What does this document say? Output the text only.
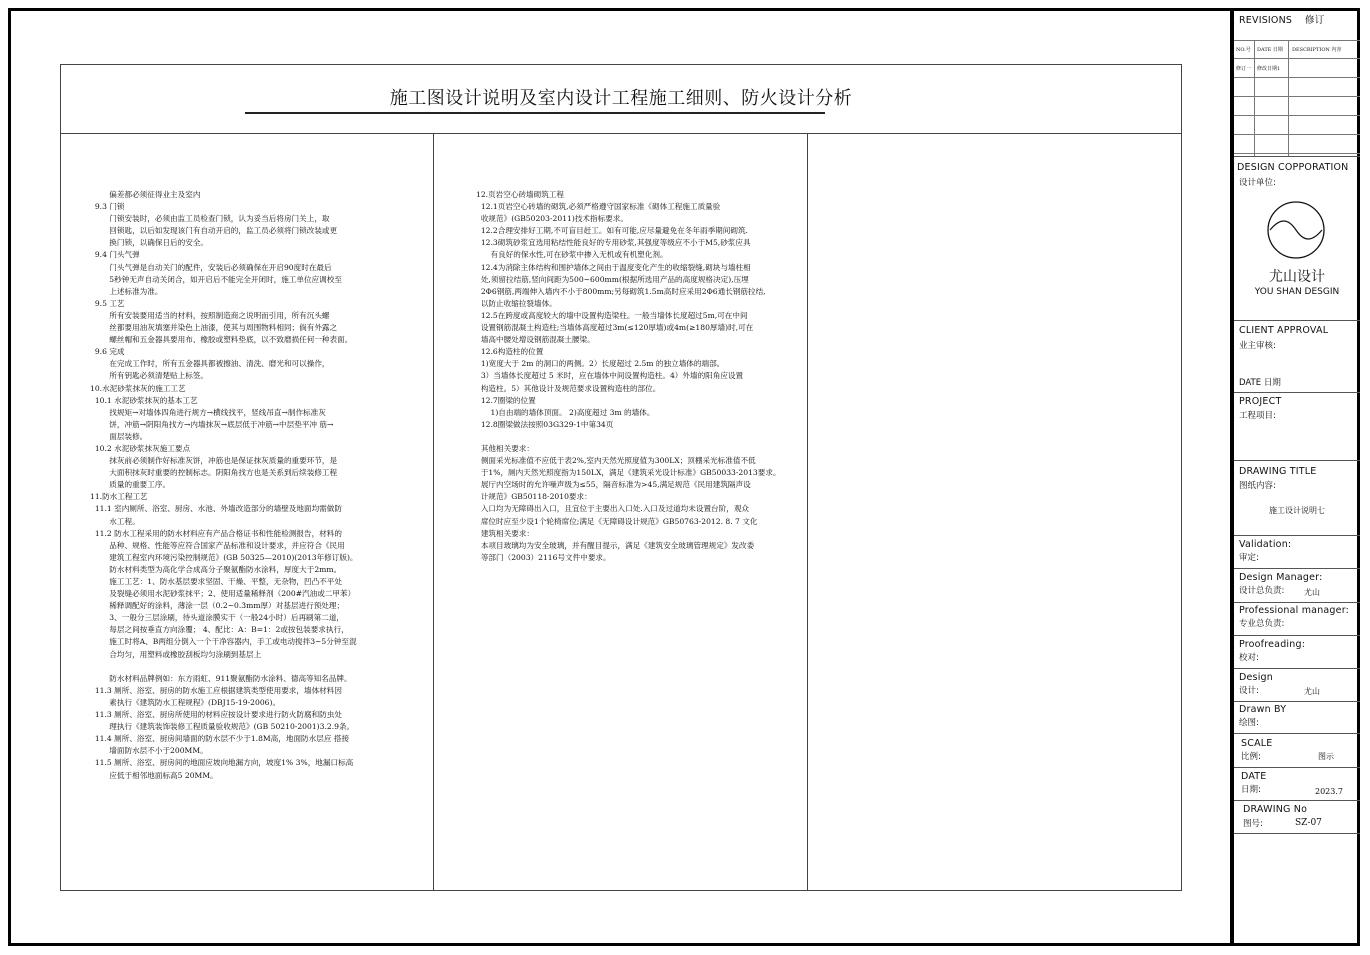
施工图设计说明及室内设计工程施工细则、防火设计分析
偏差都必须征得业主及室内
9.3 门锁
门锁安装时，必须由监工员检查门锁，认为妥当后将房门关上，取
回锁匙，以后如发现该门有自动开启的，监工员必须将门锁改装或更
换门锁，以确保日后的安全。
9.4 门头气弹
门头气弹是自动关门的配件，安装后必须确保在开启90度时在最后
5秒钟无声自动关闭合，如开启后不能完全开闭时，施工单位应调校至
上述标准为准。
9.5 工艺
所有安装要用适当的材料，按照制造商之说明而引用，所有沉头螺
丝都要用油灰填塞并染色上油漆，使其与周围物料相同；倘有外露之
螺丝帽和五金器具要用布、橡胶或塑料垫底，以不致磨损任何一种表面。
9.6 完成
在完成工作时，所有五金器具都被擦油、清洗、磨光和可以操作，
所有钥匙必须清楚贴上标签。
10.水泥砂浆抹灰的施工工艺
10.1 水泥砂浆抹灰的基本工艺
找规矩→对墙体四角进行规方→横线找平，竖线吊直→制作标准灰
饼，冲筋→阴阳角找方→内墙抹灰→底层低于冲筋→中层垫平冲 筋→
面层装修。
10.2 水泥砂浆抹灰施工要点
抹灰前必须制作好标准灰饼，冲筋也是保证抹灰质量的重要环节，是
大面积抹灰时重要的控制标志。阴阳角找方也是关系到后续装修工程
质量的重要工序。
11.防水工程工艺
11.1 室内厕所、浴室、厨房、水池、外墙改造部分的墙壁及地面均需做防
水工程。
11.2 防水工程采用的防水材料应有产品合格证书和性能检测报告，材料的
品种、规格、性能等应符合国家产品标准和设计要求，并应符合《民用
建筑工程室内环境污染控制规范》(GB 50325—2010)(2013年修订版)。
防水材料类型为高化学合成高分子聚氨酯防水涂料，厚度大于2mm。
施工工艺：1、防水基层要求坚固、干燥、平整，无杂物，凹凸不平处
及裂缝必须用水泥砂浆抹平；2、使用适量稀释剂（200#汽油或二甲苯）
稀释调配好的涂料，薄涂一层（0.2~0.3mm厚）对基层进行预处理；
3、一般分三层涂刷，待头道涂膜实干（一般24小时）后再刷第二道，
每层之间按垂直方向涂覆； 4、配比：A：B=1：2或按包装要求执行，
施工时将A、B两组分倒入一个干净容器内，手工或电动搅拌3~5分钟至混
合均匀，用塑料或橡胶刮板均匀涂刷到基层上
防水材料品牌例如：东方雨虹、911聚氨酯防水涂料、德高等知名品牌。
11.3 厕所、浴室、厨房的防水施工应根据建筑类型使用要求，墙体材料因
素执行《建筑防水工程规程》(DBJ15-19-2006)。
11.3 厕所、浴室、厨房所使用的材料应按设计要求进行防火防腐和防虫处
理执行《建筑装饰装修工程质量验收规范》(GB 50210-2001)3.2.9条。
11.4 厕所、浴室、厨房间墙面的防水层不少于1.8M高，地面防水层应 搭接
墙面防水层不小于200MM。
11.5 厕所、浴室、厨房间的地面应坡向地漏方向，坡度1% 3%，地漏口标高
应低于相邻地面标高5 20MM。
12.页岩空心砖墙砌筑工程
12.1页岩空心砖墙的砌筑,必须严格遵守国家标准《砌体工程施工质量验
收规范》(GB50203-2011)技术指标要求。
12.2合理安排好工期,不可盲目赶工。如有可能,应尽量避免在冬年雨季期间砌筑.
12.3砌筑砂浆宜选用粘结性能良好的专用砂浆,其强度等级应不小于M5,砂浆应具
有良好的保水性,可在砂浆中掺入无机或有机塑化剂。
12.4为消除主体结构和围护墙体之间由于温度变化产生的收缩裂缝,砌块与墙柱相
处,须留拉结筋,竖向间距为500~600mm(根据所选用产品的高度规格决定),压埋
2Φ6钢筋,两端伸入墙内不小于800mm;另每砌筑1.5m高时应采用2Φ6通长钢筋拉结,
以防止收缩拉裂墙体。
12.5在跨度或高度较大的墙中设置构造梁柱。一般当墙体长度超过5m,可在中间
设置钢筋混凝土构造柱;当墙体高度超过3m(≤120厚墙)或4m(≥180厚墙)时,可在
墙高中腰处增设钢筋混凝土腰梁。
12.6构造柱的位置
1)宽度大于 2m 的洞口的两侧。2）长度超过 2.5m 的独立墙体的端部。
3）当墙体长度超过 5 米时，应在墙体中间设置构造柱。4）外墙的阳角应设置
构造柱。5）其他设计及规范要求设置构造柱的部位。
12.7圈梁的位置
1)自由端的墙体顶面。 2)高度超过 3m 的墙体。
12.8圈梁做法按照03G329-1中第34页
其他相关要求：
侧面采光标准值不应低于表2%,室内天然光照度值为300LX；顶棚采光标准值不低
于1%，厕内天然光照度指为150LX，满足《建筑采光设计标准》GB50033-2013要求。
展厅内空场时的允许噪声级为≤55，隔音标准为>45,满足规范《民用建筑隔声设
计规范》GB50118-2010要求：
入口均为无障碍出入口，且宜位于主要出入口处.入口及过道均未设置台阶，观众
席位时应至少设1个轮椅席位;满足《无障碍设计规范》GB50763-2012. 8. 7 文化
建筑相关要求：
本项目玻璃均为安全玻璃，并有醒目提示，满足《建筑安全玻璃管理规定》发改委
等部门（2003）2116号文件中要求。
REVISIONS 修订
NO.号 DATE 日期 DESCRIPTION 内容
修订一 修改日期1
DESIGN COPPORATION
设计单位:
尤山设计
YOU SHAN DESGIN
CLIENT APPROVAL
业主审核:
DATE 日期
PROJECT
工程项目:
DRAWING TITLE
图纸内容:
施工设计说明七
Validation:
审定:
Design Manager:
设计总负责: 尤山
Professional manager:
专业总负责:
Proofreading:
校对:
Design
设计:	尤山
Drawn BY
绘图:
SCALE
比例:	图示
DATE
日期:	2023.7
DRAWING No
图号:	SZ-07
